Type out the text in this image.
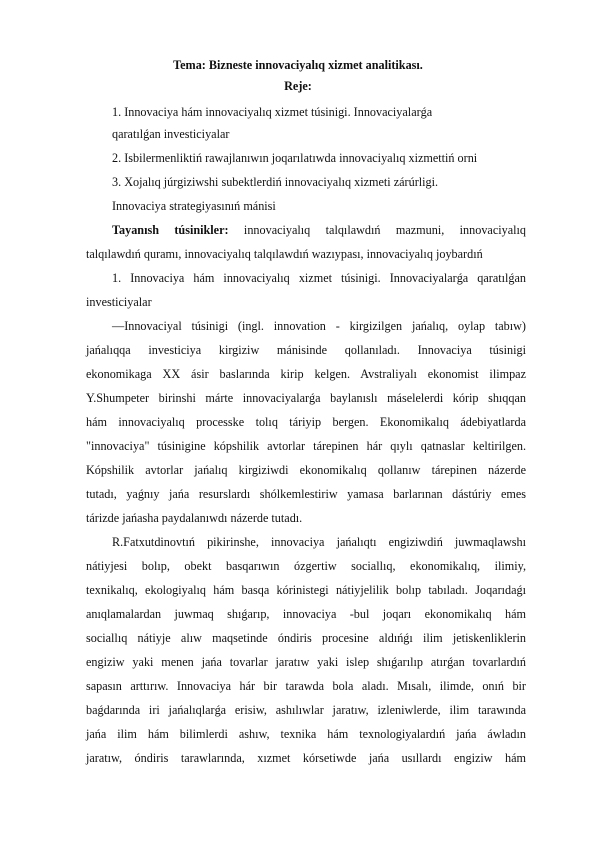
Tema: Bizneste innovaciyalıq xizmet analitikası.
Reje:
1. Innovaciya hám innovaciyalıq xizmet túsinigi. Innovaciyalarǵa
qaratılǵan investiciyalar
2. Isbilermenliktiń rawajlanıwın joqarılatıwda innovaciyalıq xizmettiń orni
3. Xojalıq júrgiziwshi subektlerdiń innovaciyalıq xizmeti zárúrligi.
Innovaciya strategiyasınıń mánisi
Tayanısh túsinikler: innovaciyalıq talqılawdıń mazmuni, innovaciyalıq
talqılawdıń quramı, innovaciyalıq talqılawdıń wazıypası, innovaciyalıq joybardıń
1. Innovaciya hám innovaciyalıq xizmet túsinigi. Innovaciyalarǵa qaratılǵan
investiciyalar
—Innovaciyal túsinigi (ingl. innovation - kirgizilgen jańalıq, oylap tabıw)
jańalıqqa investiciya kirgiziw mánisinde qollanıladı. Innovaciya túsinigi
ekonomikaga XX ásir baslarında kirip kelgen. Avstraliyalı ekonomist ilimpaz
Y.Shumpeter birinshi márte innovaciyalarǵa baylanıslı máselelerdi kórip shıqqan
hám innovaciyalıq processke tolıq táriyip bergen. Ekonomikalıq ádebiyatlarda
"innovaciya" túsinigine kópshilik avtorlar tárepinen hár qıylı qatnaslar keltirilgen.
Kópshilik avtorlar jańalıq kirgiziwdi ekonomikalıq qollanıw tárepinen názerde
tutadı, yaǵnıy jańa resurslardı shólkemlestiriw yamasa barlarınan dástúriy emes
tárizde jańasha paydalanıwdı názerde tutadı.
R.Fatxutdinovtıń pikirinshe, innovaciya jańalıqtı engiziwdiń juwmaqlawshı
nátiyjesi bolıp, obekt basqarıwın ózgertiw sociallıq, ekonomikalıq, ilimiy,
texnikalıq, ekologiyalıq hám basqa kórinistegi nátiyjelilik bolıp tabıladı. Joqarıdaǵı
anıqlamalardan juwmaq shıǵarıp, innovaciya -bul joqarı ekonomikalıq hám
sociallıq nátiyje alıw maqsetinde óndiris procesine aldıńǵı ilim jetiskenliklerin
engiziw yaki menen jańa tovarlar jaratıw yaki islep shıǵarılıp atırǵan tovarlardıń
sapasın arttırıw. Innovaciya hár bir tarawda bola aladı. Mısalı, ilimde, onıń bir
baǵdarında iri jańalıqlarǵa erisiw, ashılıwlar jaratıw, izleniwlerde, ilim tarawında
jańa ilim hám bilimlerdi ashıw, texnika hám texnologiyalardıń jańa áwladın
jaratıw, óndiris tarawlarında, xızmet kórsetiwde jańa usıllardı engiziw hám
